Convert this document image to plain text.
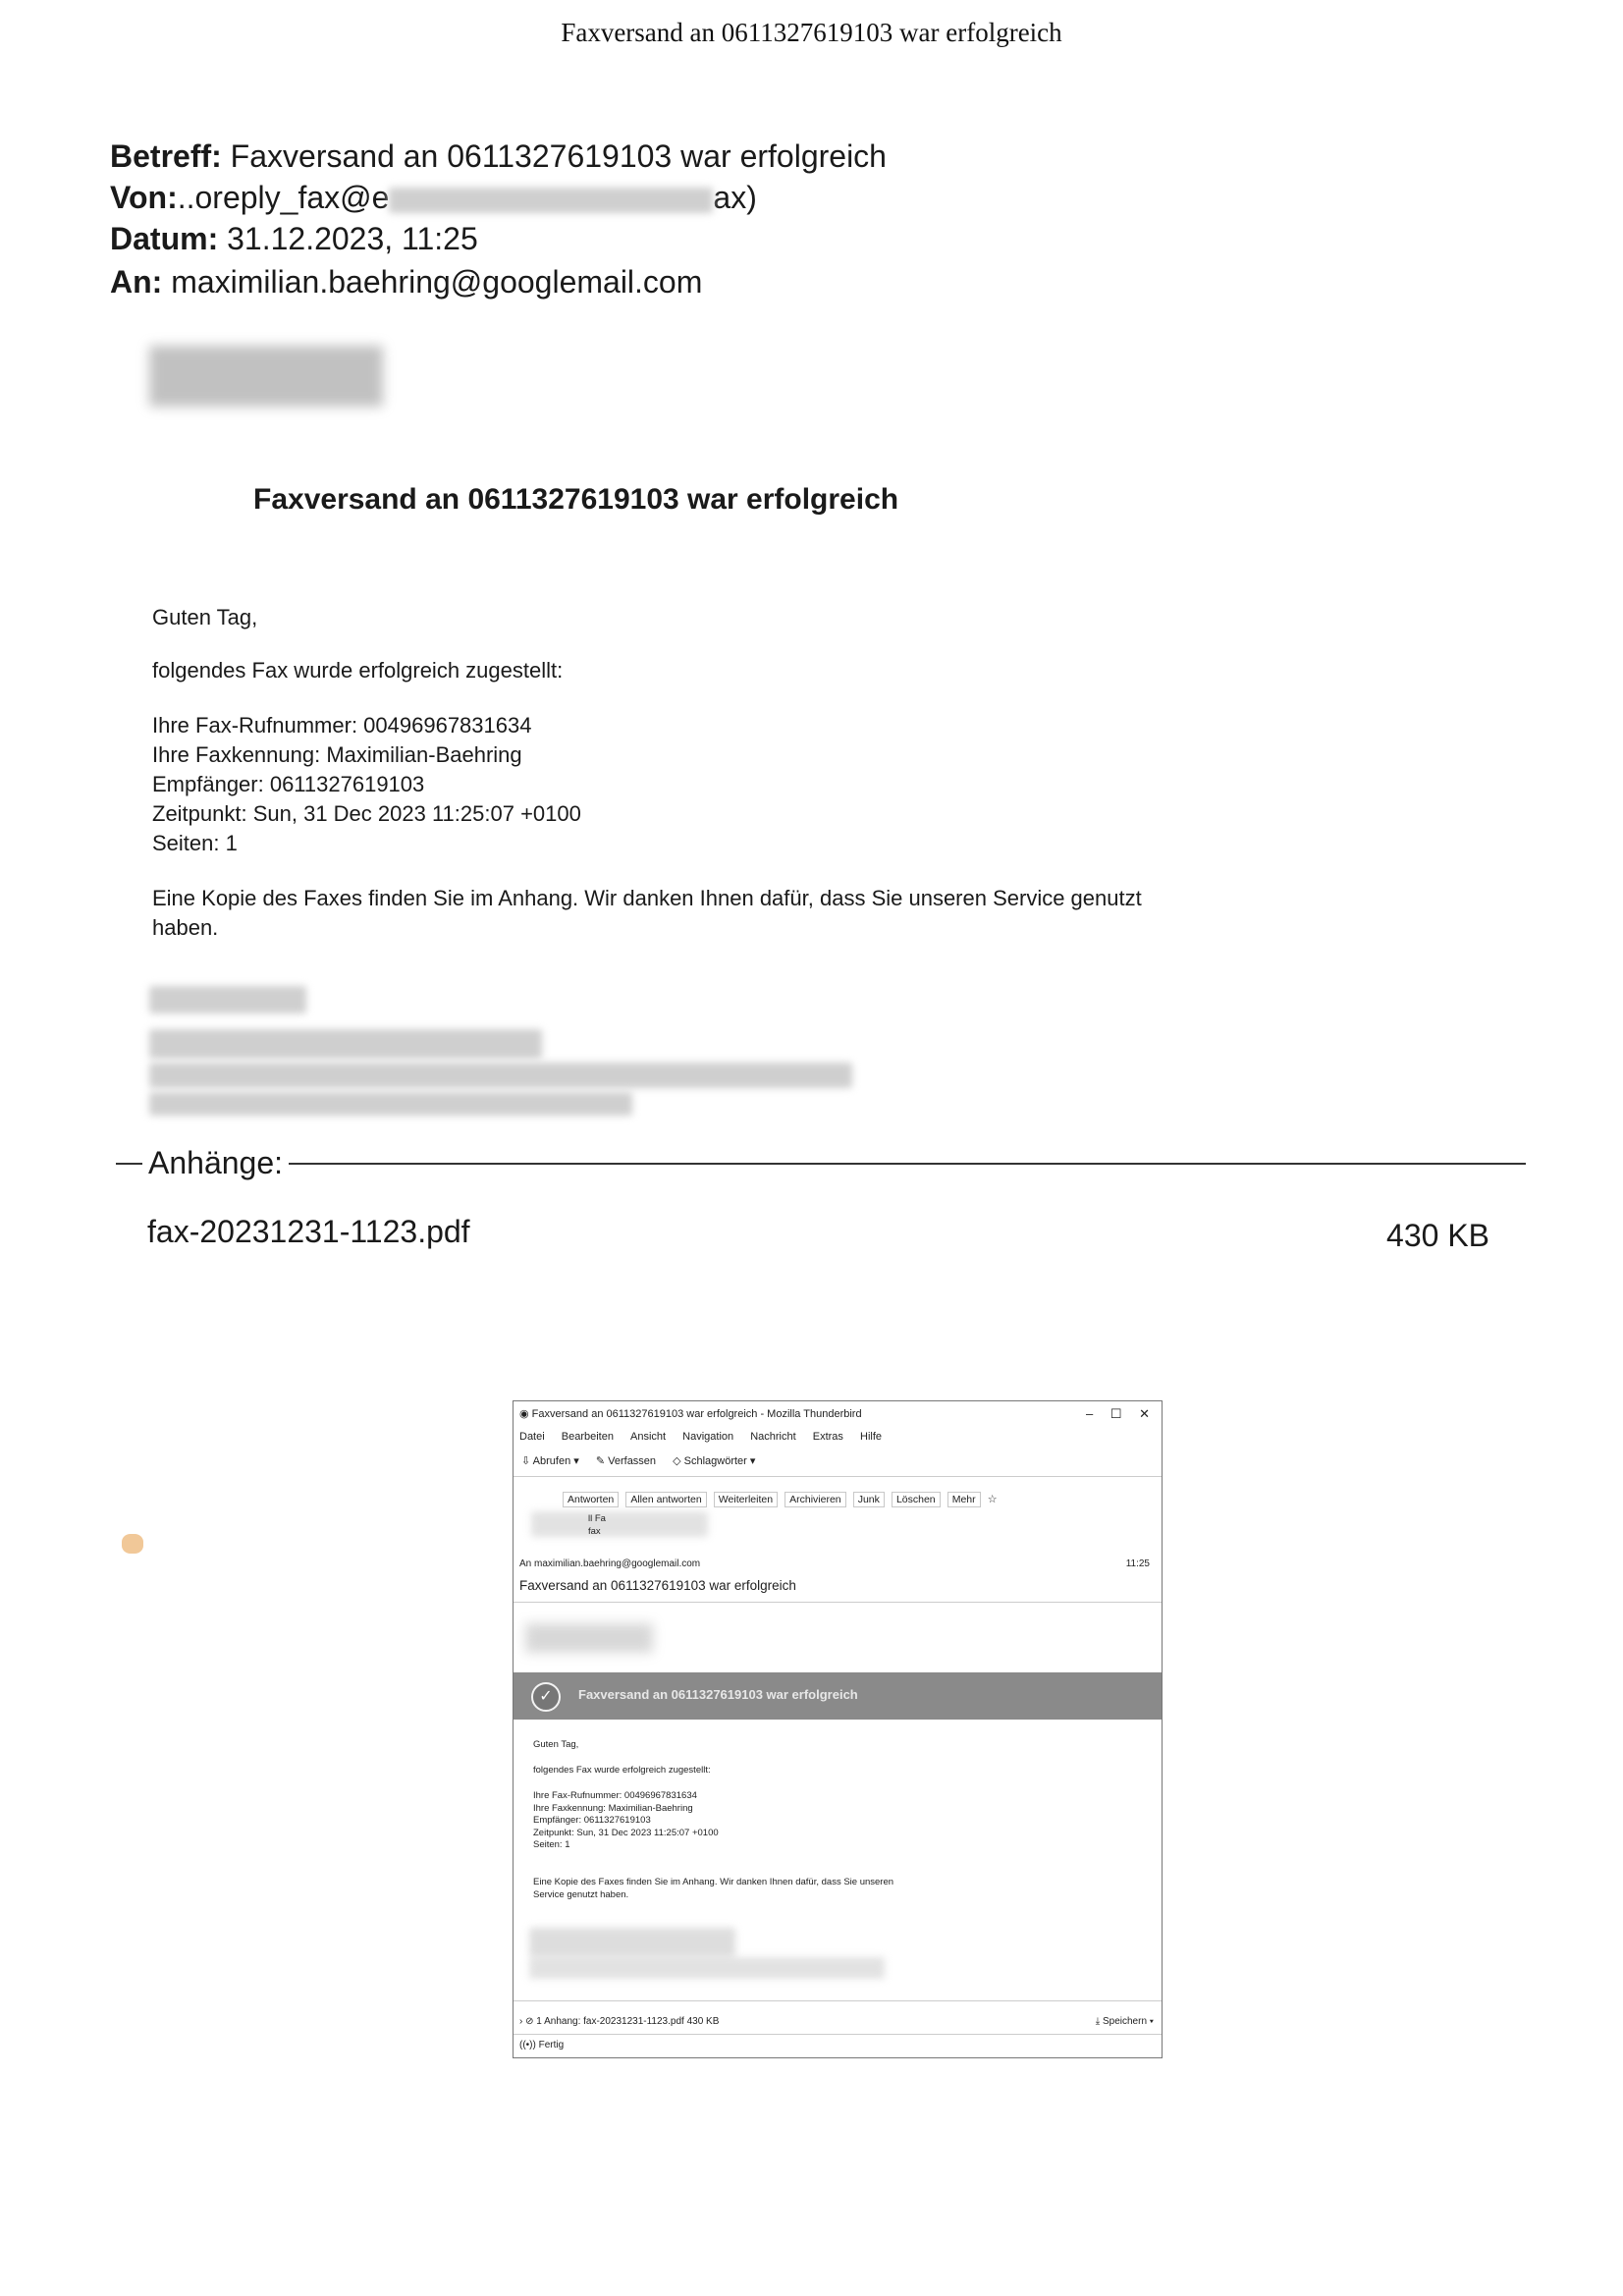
Faxversand an 0611327619103 war erfolgreich
Betreff: Faxversand an 0611327619103 war erfolgreich
Von:..oreply_fax@e	ax)
Datum: 31.12.2023, 11:25
An: maximilian.baehring@googlemail.com
Faxversand an 0611327619103 war erfolgreich
Guten Tag,
folgendes Fax wurde erfolgreich zugestellt:
Ihre Fax-Rufnummer: 00496967831634
Ihre Faxkennung: Maximilian-Baehring
Empfänger: 0611327619103
Zeitpunkt: Sun, 31 Dec 2023 11:25:07 +0100
Seiten: 1
Eine Kopie des Faxes finden Sie im Anhang. Wir danken Ihnen dafür, dass Sie unseren Service genutzt
haben.
Anhänge:
fax-20231231-1123.pdf	430 KB
◉ Faxversand an 0611327619103 war erfolgreich - Mozilla Thunderbird	– ☐ ✕
Datei Bearbeiten Ansicht Navigation Nachricht Extras Hilfe
⇩ Abrufen ▾ ✎ Verfassen ◇ Schlagwörter ▾
Antworten Allen antworten Weiterleiten Archivieren Junk Löschen Mehr ☆
ll Fa
fax
An maximilian.baehring@googlemail.com	11:25
Faxversand an 0611327619103 war erfolgreich
✓	Faxversand an 0611327619103 war erfolgreich
Guten Tag,
folgendes Fax wurde erfolgreich zugestellt:
Ihre Fax-Rufnummer: 00496967831634
Ihre Faxkennung: Maximilian-Baehring
Empfänger: 0611327619103
Zeitpunkt: Sun, 31 Dec 2023 11:25:07 +0100
Seiten: 1
Eine Kopie des Faxes finden Sie im Anhang. Wir danken Ihnen dafür, dass Sie unseren
Service genutzt haben.
› ⊘ 1 Anhang: fax-20231231-1123.pdf 430 KB	⤓ Speichern ▾
((•)) Fertig
